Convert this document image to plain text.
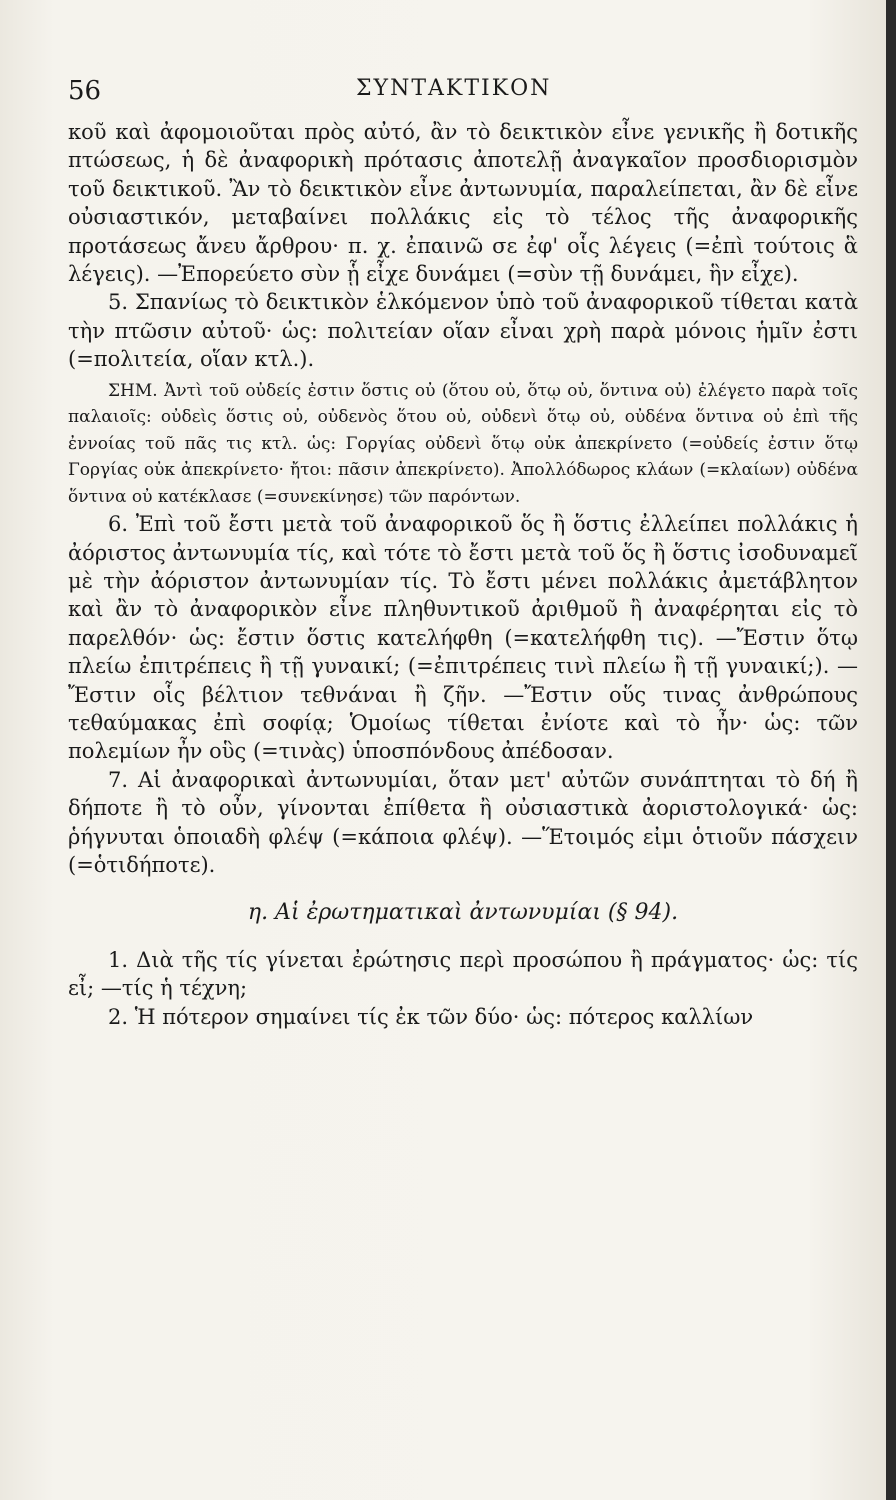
56	ΣΥΝΤΑΚΤΙΚΟΝ

κοῦ καὶ ἀφομοιοῦται πρὸς αὐτό, ἂν τὸ δεικτικὸν εἶνε γενικῆς ἢ δοτικῆς πτώσεως, ἡ δὲ ἀναφορικὴ πρότασις ἀποτελῇ ἀναγκαῖον προσδιορισμὸν τοῦ δεικτικοῦ. Ἂν τὸ δεικτικὸν εἶνε ἀντωνυμία, παραλείπεται, ἂν δὲ εἶνε οὐσιαστικόν, μεταβαίνει πολλάκις εἰς τὸ τέλος τῆς ἀναφορικῆς προτάσεως ἄνευ ἄρθρου· π. χ. ἐπαινῶ σε ἐφ' οἷς λέγεις (=ἐπὶ τούτοις ἃ λέγεις). —Ἐπορεύετο σὺν ᾗ εἶχε δυνάμει (=σὺν τῇ δυνάμει, ἣν εἶχε).

5. Σπανίως τὸ δεικτικὸν ἑλκόμενον ὑπὸ τοῦ ἀναφορικοῦ τίθεται κατὰ τὴν πτῶσιν αὐτοῦ· ὡς: πολιτείαν οἵαν εἶναι χρὴ παρὰ μόνοις ἡμῖν ἐστι (=πολιτεία, οἵαν κτλ.).

ΣΗΜ. Ἀντὶ τοῦ οὐδείς ἐστιν ὅστις οὐ (ὅτου οὐ, ὅτῳ οὐ, ὅντινα οὐ) ἐλέγετο παρὰ τοῖς παλαιοῖς: οὐδεὶς ὅστις οὐ, οὐδενὸς ὅτου οὐ, οὐδενὶ ὅτῳ οὐ, οὐδένα ὅντινα οὐ ἐπὶ τῆς ἐννοίας τοῦ πᾶς τις κτλ. ὡς: Γοργίας οὐδενὶ ὅτῳ οὐκ ἀπεκρίνετο (=οὐδείς ἐστιν ὅτῳ Γοργίας οὐκ ἀπεκρίνετο· ἤτοι: πᾶσιν ἀπεκρίνετο). Ἀπολλόδωρος κλάων (=κλαίων) οὐδένα ὅντινα οὐ κατέκλασε (=συνεκίνησε) τῶν παρόντων.

6. Ἐπὶ τοῦ ἔστι μετὰ τοῦ ἀναφορικοῦ ὅς ἢ ὅστις ἐλλείπει πολλάκις ἡ ἀόριστος ἀντωνυμία τίς, καὶ τότε τὸ ἔστι μετὰ τοῦ ὅς ἢ ὅστις ἰσοδυναμεῖ μὲ τὴν ἀόριστον ἀντωνυμίαν τίς. Τὸ ἔστι μένει πολλάκις ἀμετάβλητον καὶ ἂν τὸ ἀναφορικὸν εἶνε πληθυντικοῦ ἀριθμοῦ ἢ ἀναφέρηται εἰς τὸ παρελθόν· ὡς: ἔστιν ὅστις κατελήφθη (=κατελήφθη τις). —Ἔστιν ὅτῳ πλείω ἐπιτρέπεις ἢ τῇ γυναικί; (=ἐπιτρέπεις τινὶ πλείω ἢ τῇ γυναικί;). —Ἔστιν οἷς βέλτιον τεθνάναι ἢ ζῆν. —Ἔστιν οὕς τινας ἀνθρώπους τεθαύμακας ἐπὶ σοφίᾳ; Ὁμοίως τίθεται ἐνίοτε καὶ τὸ ἦν· ὡς: τῶν πολεμίων ἦν οὓς (=τινὰς) ὑποσπόνδους ἀπέδοσαν.

7. Αἱ ἀναφορικαὶ ἀντωνυμίαι, ὅταν μετ' αὐτῶν συνάπτηται τὸ δή ἢ δήποτε ἢ τὸ οὖν, γίνονται ἐπίθετα ἢ οὐσιαστικὰ ἀοριστολογικά· ὡς: ῥήγνυται ὁποιαδὴ φλέψ (=κάποια φλέψ). —Ἕτοιμός εἰμι ὁτιοῦν πάσχειν (=ὁτιδήποτε).

η. Αἱ ἐρωτηματικαὶ ἀντωνυμίαι (§ 94).

1. Διὰ τῆς τίς γίνεται ἐρώτησις περὶ προσώπου ἢ πράγματος· ὡς: τίς εἶ; —τίς ἡ τέχνη;

2. Ἡ πότερον σημαίνει τίς ἐκ τῶν δύο· ὡς: πότερος καλλίων
